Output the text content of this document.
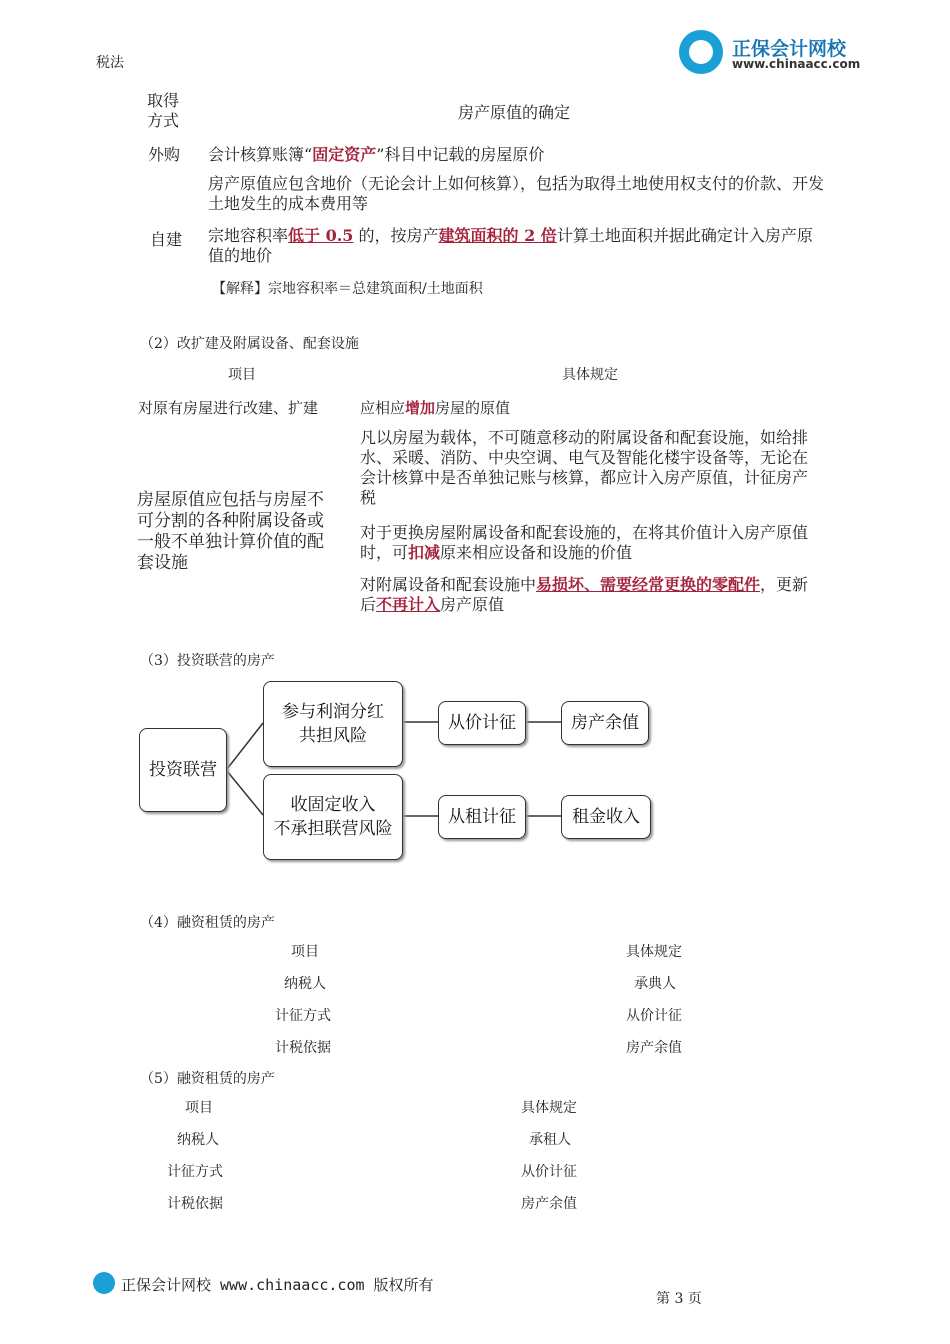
税法
正保会计网校
www.chinaacc.com
取得方式	房产原值的确定
外购 会计核算账簿“固定资产”科目中记载的房屋原价
房产原值应包含地价（无论会计上如何核算），包括为取得土地使用权支付的价款、开发土地发生的成本费用等
自建 宗地容积率低于 0.5 的，按房产建筑面积的 2 倍计算土地面积并据此确定计入房产原值的地价
【解释】宗地容积率＝总建筑面积/土地面积
（2）改扩建及附属设备、配套设施
项目	具体规定
对原有房屋进行改建、扩建	应相应增加房屋的原值
房屋原值应包括与房屋不可分割的各种附属设备或一般不单独计算价值的配套设施
凡以房屋为载体，不可随意移动的附属设备和配套设施，如给排水、采暖、消防、中央空调、电气及智能化楼宇设备等，无论在会计核算中是否单独记账与核算，都应计入房产原值，计征房产税
对于更换房屋附属设备和配套设施的，在将其价值计入房产原值时，可扣减原来相应设备和设施的价值
对附属设备和配套设施中易损坏、需要经常更换的零配件，更新后不再计入房产原值
（3）投资联营的房产
投资联营
参与利润分红
共担风险
从价计征	房产余值
收固定收入
不承担联营风险
从租计征	租金收入
（4）融资租赁的房产
项目	具体规定
纳税人	承典人
计征方式	从价计征
计税依据	房产余值
（5）融资租赁的房产
项目	具体规定
纳税人	承租人
计征方式	从价计征
计税依据	房产余值
正保会计网校 www.chinaacc.com 版权所有
第 3 页
